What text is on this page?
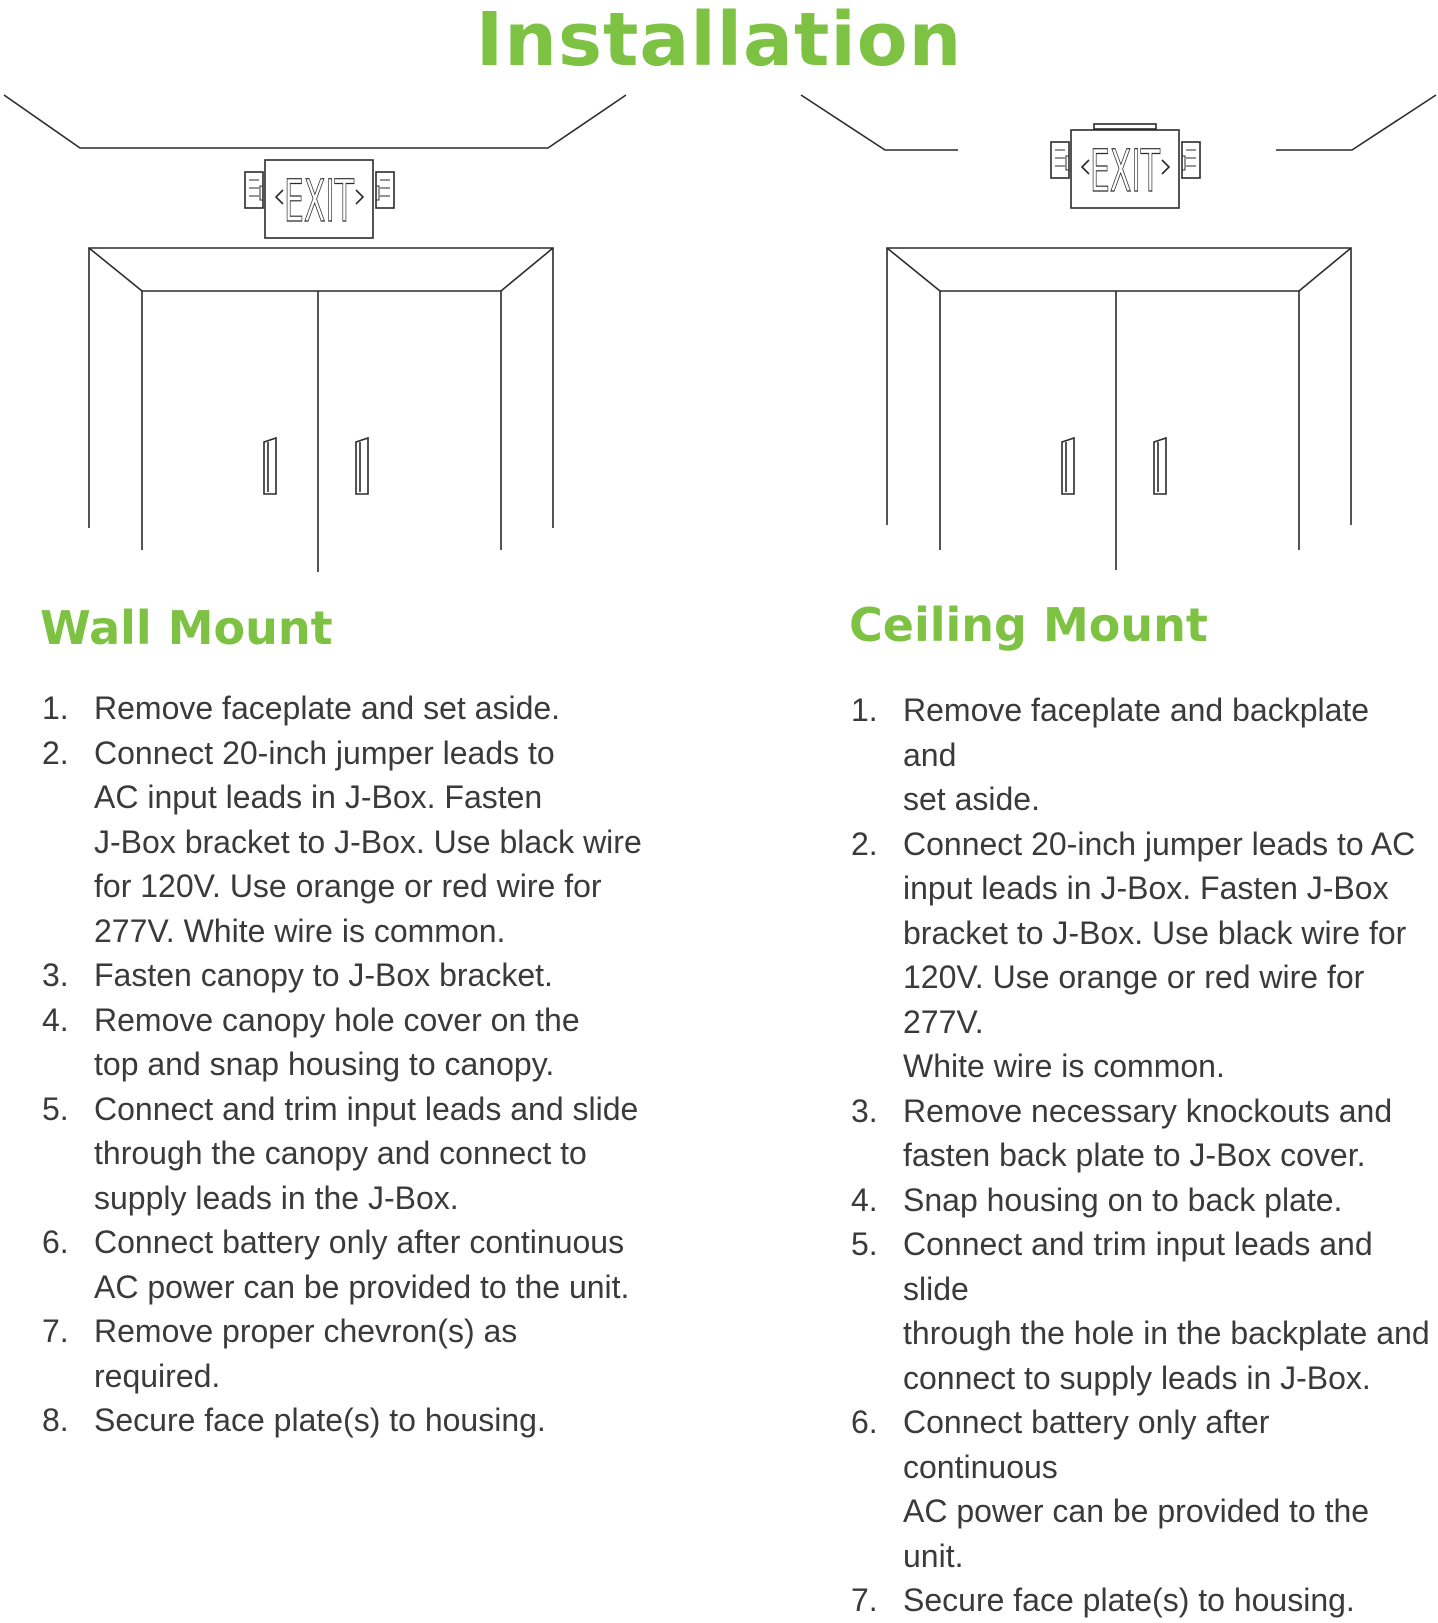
Installation
EXIT	EXIT
Wall Mount
1. Remove faceplate and set aside.
2. Connect 20-inch jumper leads to
AC input leads in J-Box. Fasten
J-Box bracket to J-Box. Use black wire
for 120V. Use orange or red wire for
277V. White wire is common.
3. Fasten canopy to J-Box bracket.
4. Remove canopy hole cover on the
top and snap housing to canopy.
5. Connect and trim input leads and slide
through the canopy and connect to
supply leads in the J-Box.
6. Connect battery only after continuous
AC power can be provided to the unit.
7. Remove proper chevron(s) as
required.
8. Secure face plate(s) to housing.
Ceiling Mount
1. Remove faceplate and backplate and
set aside.
2. Connect 20-inch jumper leads to AC
input leads in J-Box. Fasten J-Box
bracket to J-Box. Use black wire for
120V. Use orange or red wire for 277V.
White wire is common.
3. Remove necessary knockouts and
fasten back plate to J-Box cover.
4. Snap housing on to back plate.
5. Connect and trim input leads and slide
through the hole in the backplate and
connect to supply leads in J-Box.
6. Connect battery only after continuous
AC power can be provided to the unit.
7. Secure face plate(s) to housing.
